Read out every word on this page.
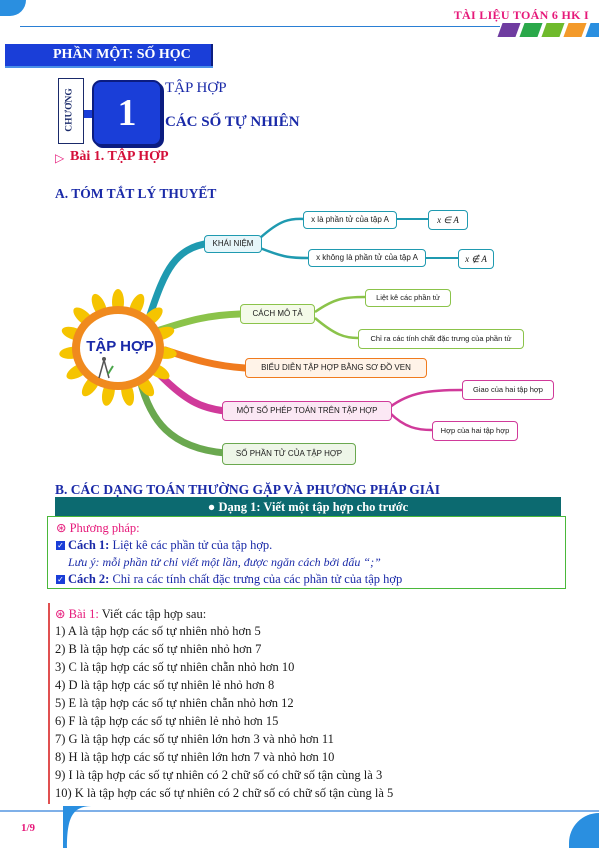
TÀI LIỆU TOÁN 6 HK I
PHẦN MỘT: SỐ HỌC
CHƯƠNG	1
TẬP HỢP
CÁC SỐ TỰ NHIÊN
▷ Bài 1. TẬP HỢP
A. TÓM TẮT LÝ THUYẾT
TẬP HỢP
KHÁI NIỆM
x là phần tử của tập A	x ∈ A
x không là phần tử của tập A	x ∉ A
CÁCH MÔ TẢ
Liệt kê các phần tử
Chỉ ra các tính chất đặc trưng của phần tử
BIỂU DIỄN TẬP HỢP BẰNG SƠ ĐỒ VEN
MỘT SỐ PHÉP TOÁN TRÊN TẬP HỢP
Giao của hai tập hợp
Hợp của hai tập hợp
SỐ PHẦN TỬ CỦA TẬP HỢP
B. CÁC DẠNG TOÁN THƯỜNG GẶP VÀ PHƯƠNG PHÁP GIẢI
● Dạng 1: Viết một tập hợp cho trước
⊛ Phương pháp:
✓ Cách 1: Liệt kê các phần tử của tập hợp.
Lưu ý: mỗi phần tử chỉ viết một lần, được ngăn cách bởi dấu “;”
✓ Cách 2: Chỉ ra các tính chất đặc trưng của các phần tử của tập hợp
⊛ Bài 1: Viết các tập hợp sau:
1) A là tập hợp các số tự nhiên nhỏ hơn 5
2) B là tập hợp các số tự nhiên nhỏ hơn 7
3) C là tập hợp các số tự nhiên chẵn nhỏ hơn 10
4) D là tập hợp các số tự nhiên lẻ nhỏ hơn 8
5) E là tập hợp các số tự nhiên chẵn nhỏ hơn 12
6) F là tập hợp các số tự nhiên lẻ nhỏ hơn 15
7) G là tập hợp các số tự nhiên lớn hơn 3 và nhỏ hơn 11
8) H là tập hợp các số tự nhiên lớn hơn 7 và nhỏ hơn 10
9) I là tập hợp các số tự nhiên có 2 chữ số có chữ số tận cùng là 3
10) K là tập hợp các số tự nhiên có 2 chữ số có chữ số tận cùng là 5
1/9
